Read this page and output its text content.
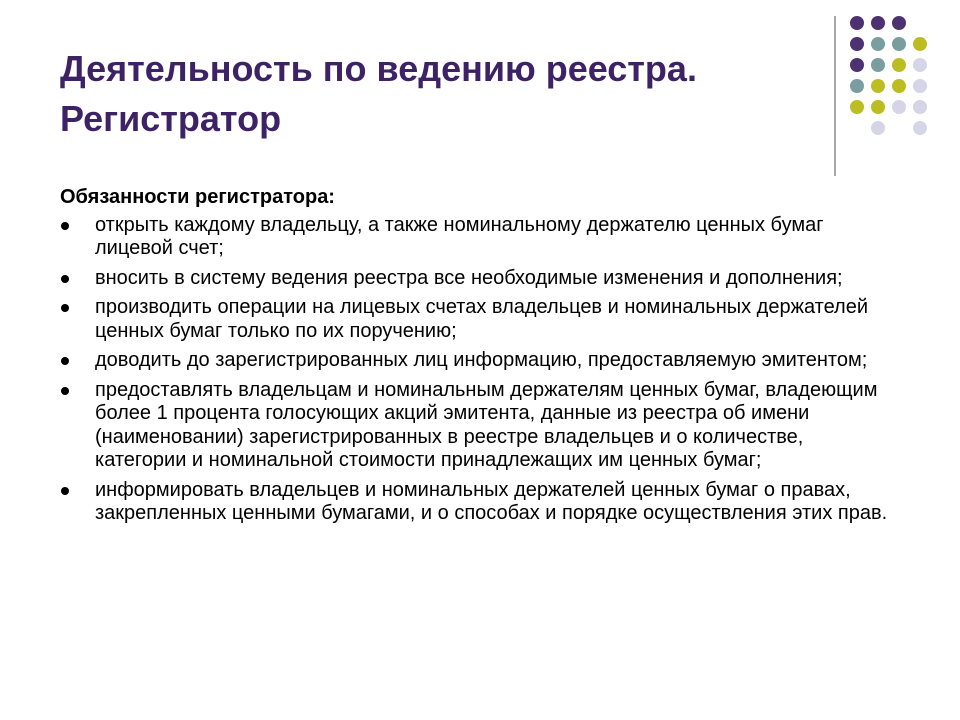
Деятельность по ведению реестра.
Регистратор
Обязанности регистратора:
открыть каждому владельцу, а также номинальному держателю ценных бумаг лицевой счет;
вносить в систему ведения реестра все необходимые изменения и дополнения;
производить операции на лицевых счетах владельцев и номинальных держателей ценных бумаг только по их поручению;
доводить до зарегистрированных лиц информацию, предоставляемую эмитентом;
предоставлять владельцам и номинальным держателям ценных бумаг, владеющим более 1 процента голосующих акций эмитента, данные из реестра об имени (наименовании) зарегистрированных в реестре владельцев и о количестве, категории и номинальной стоимости принадлежащих им ценных бумаг;
информировать владельцев и номинальных держателей ценных бумаг о правах, закрепленных ценными бумагами, и о способах и порядке осуществления этих прав.
